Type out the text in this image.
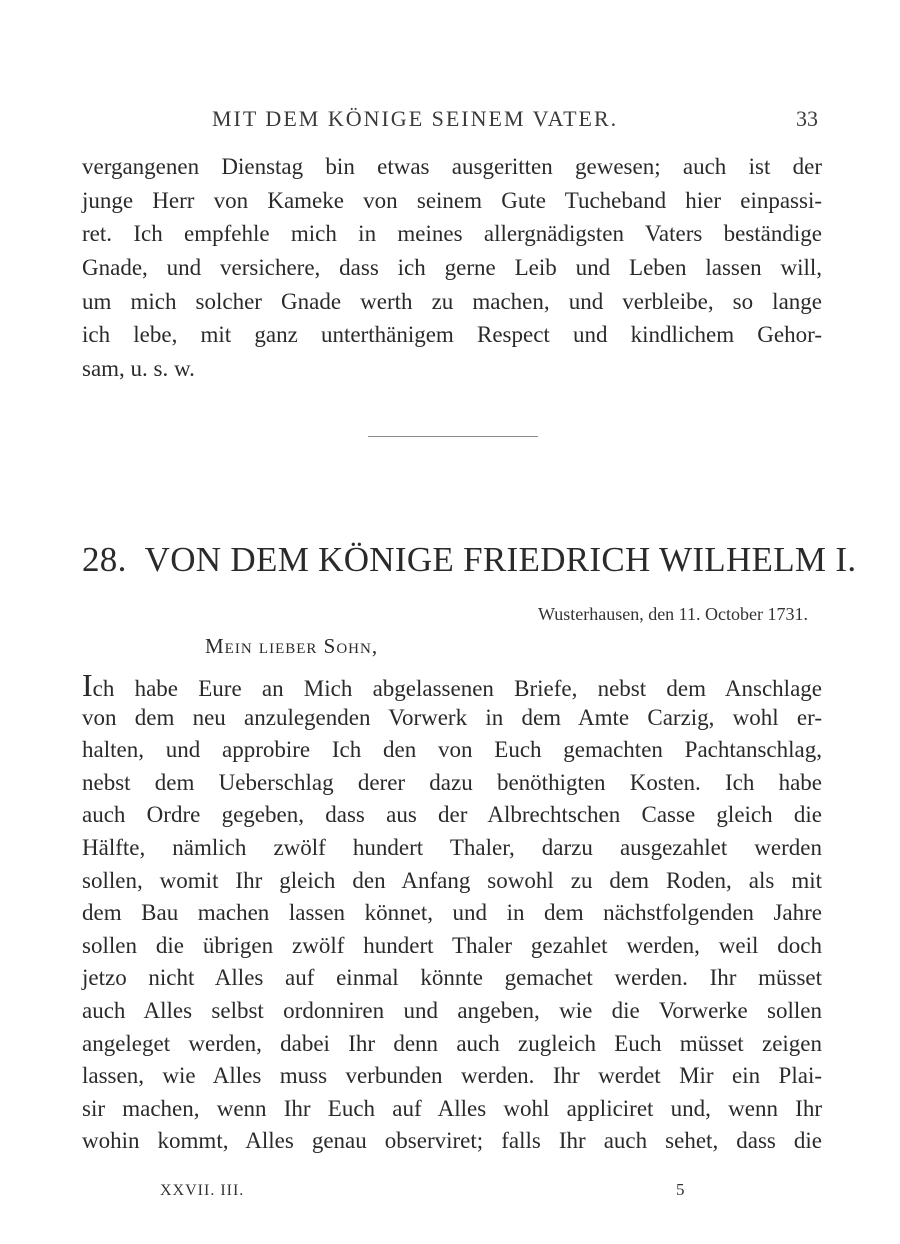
MIT DEM KÖNIGE SEINEM VATER.	33
vergangenen Dienstag bin etwas ausgeritten gewesen; auch ist der
junge Herr von Kameke von seinem Gute Tucheband hier einpassi-
ret. Ich empfehle mich in meines allergnädigsten Vaters beständige
Gnade, und versichere, dass ich gerne Leib und Leben lassen will,
um mich solcher Gnade werth zu machen, und verbleibe, so lange
ich lebe, mit ganz unterthänigem Respect und kindlichem Gehor-
sam, u. s. w.
28. VON DEM KÖNIGE FRIEDRICH WILHELM I.
Wusterhausen, den 11. October 1731.
Mein lieber Sohn,
Ich habe Eure an Mich abgelassenen Briefe, nebst dem Anschlage
von dem neu anzulegenden Vorwerk in dem Amte Carzig, wohl er-
halten, und approbire Ich den von Euch gemachten Pachtanschlag,
nebst dem Ueberschlag derer dazu benöthigten Kosten. Ich habe
auch Ordre gegeben, dass aus der Albrechtschen Casse gleich die
Hälfte, nämlich zwölf hundert Thaler, darzu ausgezahlet werden
sollen, womit Ihr gleich den Anfang sowohl zu dem Roden, als mit
dem Bau machen lassen könnet, und in dem nächstfolgenden Jahre
sollen die übrigen zwölf hundert Thaler gezahlet werden, weil doch
jetzo nicht Alles auf einmal könnte gemachet werden. Ihr müsset
auch Alles selbst ordonniren und angeben, wie die Vorwerke sollen
angeleget werden, dabei Ihr denn auch zugleich Euch müsset zeigen
lassen, wie Alles muss verbunden werden. Ihr werdet Mir ein Plai-
sir machen, wenn Ihr Euch auf Alles wohl appliciret und, wenn Ihr
wohin kommt, Alles genau observiret; falls Ihr auch sehet, dass die
XXVII. III.	5
